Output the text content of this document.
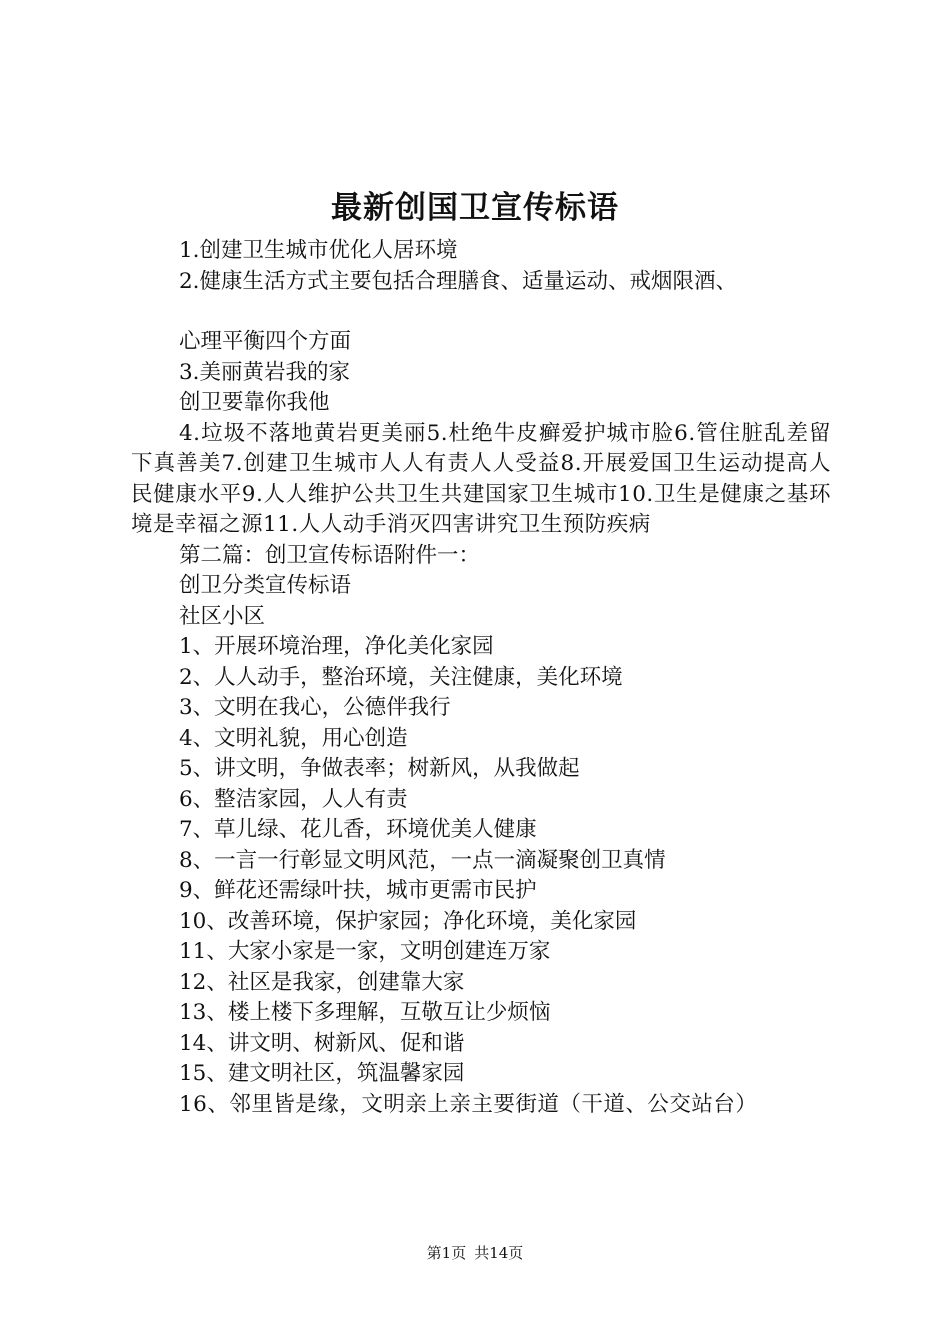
最新创国卫宣传标语
1.创建卫生城市优化人居环境
2.健康生活方式主要包括合理膳食、适量运动、戒烟限酒、
心理平衡四个方面
3.美丽黄岩我的家
创卫要靠你我他

4.垃圾不落地黄岩更美丽5.杜绝牛皮癣爱护城市脸6.管住脏乱差留下真善美7.创建卫生城市人人有责人人受益8.开展爱国卫生运动提高人民健康水平9.人人维护公共卫生共建国家卫生城市10.卫生是健康之基环境是幸福之源11.人人动手消灭四害讲究卫生预防疾病

第二篇：创卫宣传标语附件一：
创卫分类宣传标语
社区小区
1、开展环境治理，净化美化家园
2、人人动手，整治环境，关注健康，美化环境
3、文明在我心，公德伴我行
4、文明礼貌，用心创造
5、讲文明，争做表率；树新风，从我做起
6、整洁家园，人人有责
7、草儿绿、花儿香，环境优美人健康
8、一言一行彰显文明风范，一点一滴凝聚创卫真情
9、鲜花还需绿叶扶，城市更需市民护
10、改善环境，保护家园；净化环境，美化家园
11、大家小家是一家，文明创建连万家
12、社区是我家，创建靠大家
13、楼上楼下多理解，互敬互让少烦恼
14、讲文明、树新风、促和谐
15、建文明社区，筑温馨家园

16、邻里皆是缘，文明亲上亲主要街道（干道、公交站台）

第1页 共14页
